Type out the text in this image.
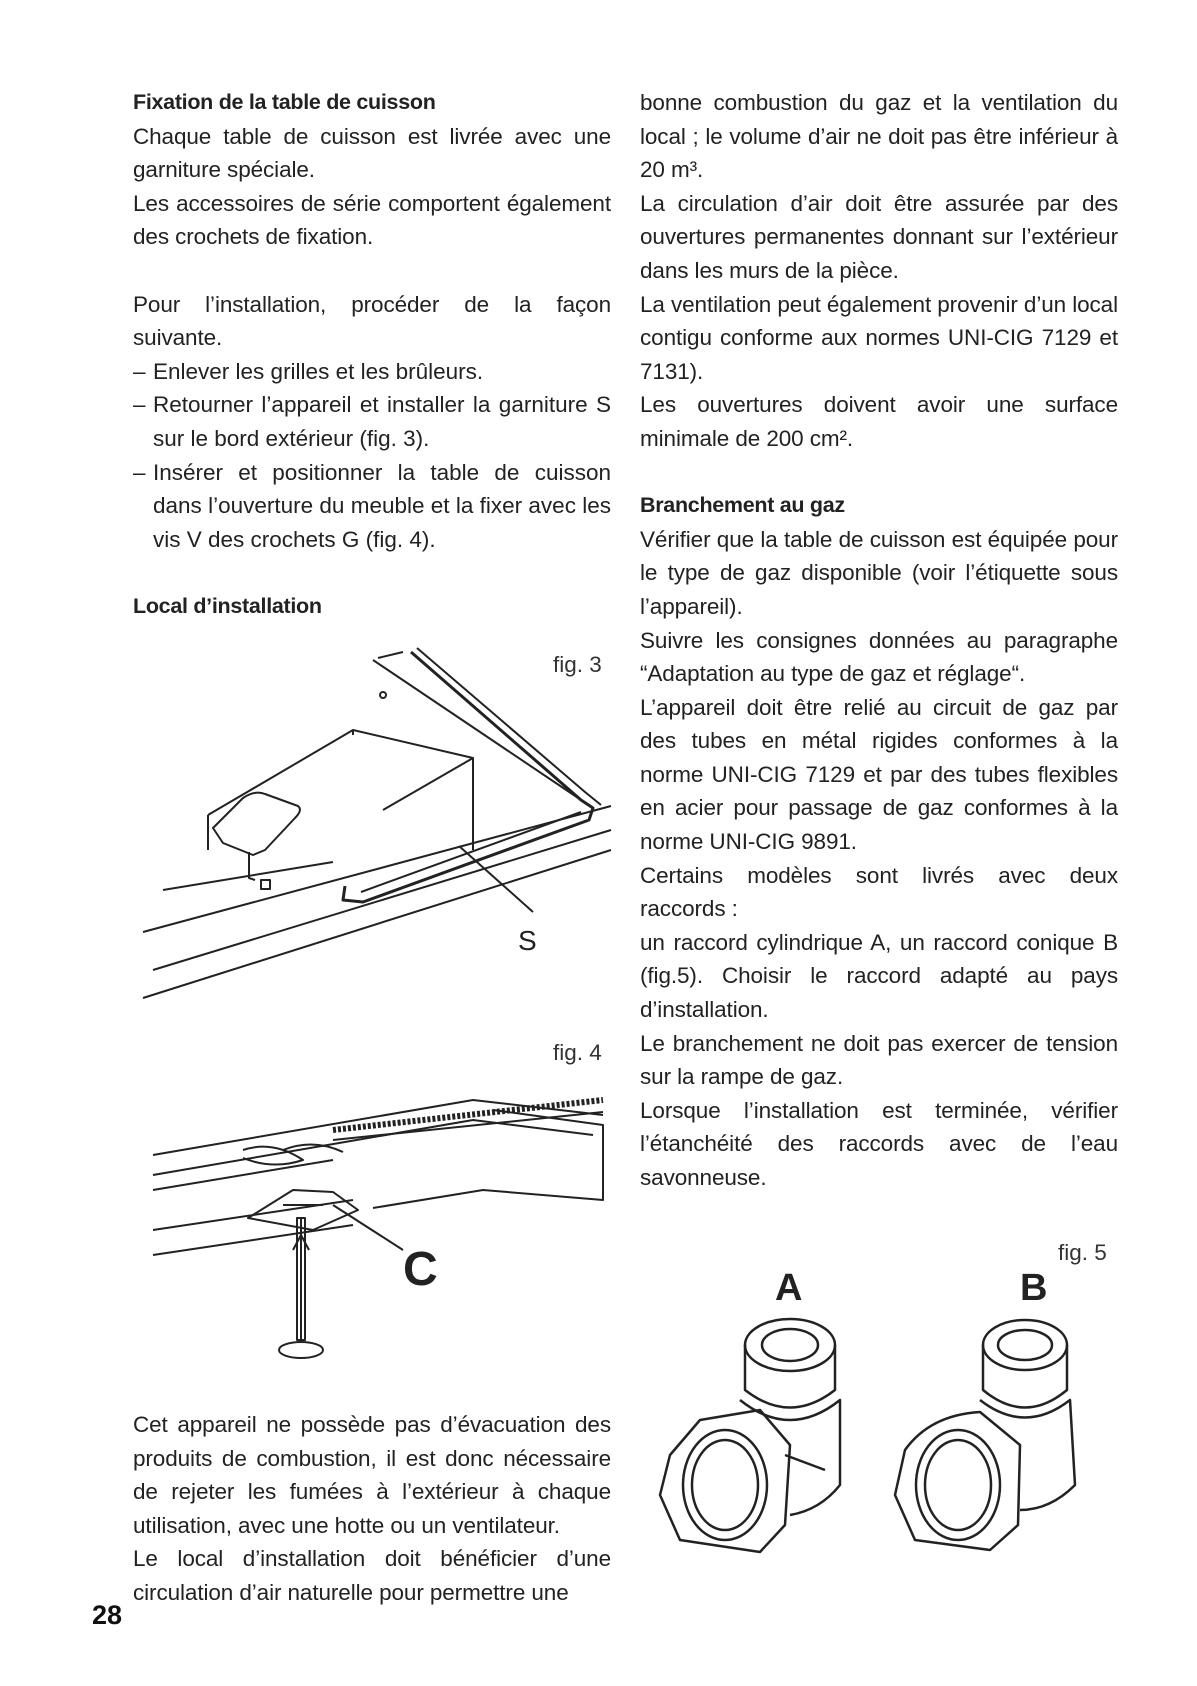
Fixation de la table de cuisson

Chaque table de cuisson est livrée avec une garniture spéciale.

Les accessoires de série comportent également des crochets de fixation.

Pour l’installation, procéder de la façon suivante.

– Enlever les grilles et les brûleurs.
– Retourner l’appareil et installer la garniture S sur le bord extérieur (fig. 3).
– Insérer et positionner la table de cuisson dans l’ouverture du meuble et la fixer avec les vis V des crochets G (fig. 4).
Local d’installation
fig. 3
S
fig. 4
C

Cet appareil ne possède pas d’évacuation des produits de combustion, il est donc nécessaire de rejeter les fumées à l’extérieur à chaque utilisation, avec une hotte ou un ventilateur.

Le local d’installation doit bénéficier d’une circulation d’air naturelle pour permettre une

bonne combustion du gaz et la ventilation du local ; le volume d’air ne doit pas être inférieur à 20 m³.

La circulation d’air doit être assurée par des ouvertures permanentes donnant sur l’extérieur dans les murs de la pièce.

La ventilation peut également provenir d’un local contigu conforme aux normes UNI-CIG 7129 et 7131).

Les ouvertures doivent avoir une surface minimale de 200 cm².

Branchement au gaz

Vérifier que la table de cuisson est équipée pour le type de gaz disponible (voir l’étiquette sous l’appareil).

Suivre les consignes données au paragraphe “Adaptation au type de gaz et réglage“.

L’appareil doit être relié au circuit de gaz par des tubes en métal rigides conformes à la norme UNI-CIG 7129 et par des tubes flexibles en acier pour passage de gaz conformes à la norme UNI-CIG 9891.

Certains modèles sont livrés avec deux raccords :

un raccord cylindrique A, un raccord conique B (fig.5). Choisir le raccord adapté au pays d’installation.

Le branchement ne doit pas exercer de tension sur la rampe de gaz.

Lorsque l’installation est terminée, vérifier l’étanchéité des raccords avec de l’eau savonneuse.

fig. 5
A	B
28
